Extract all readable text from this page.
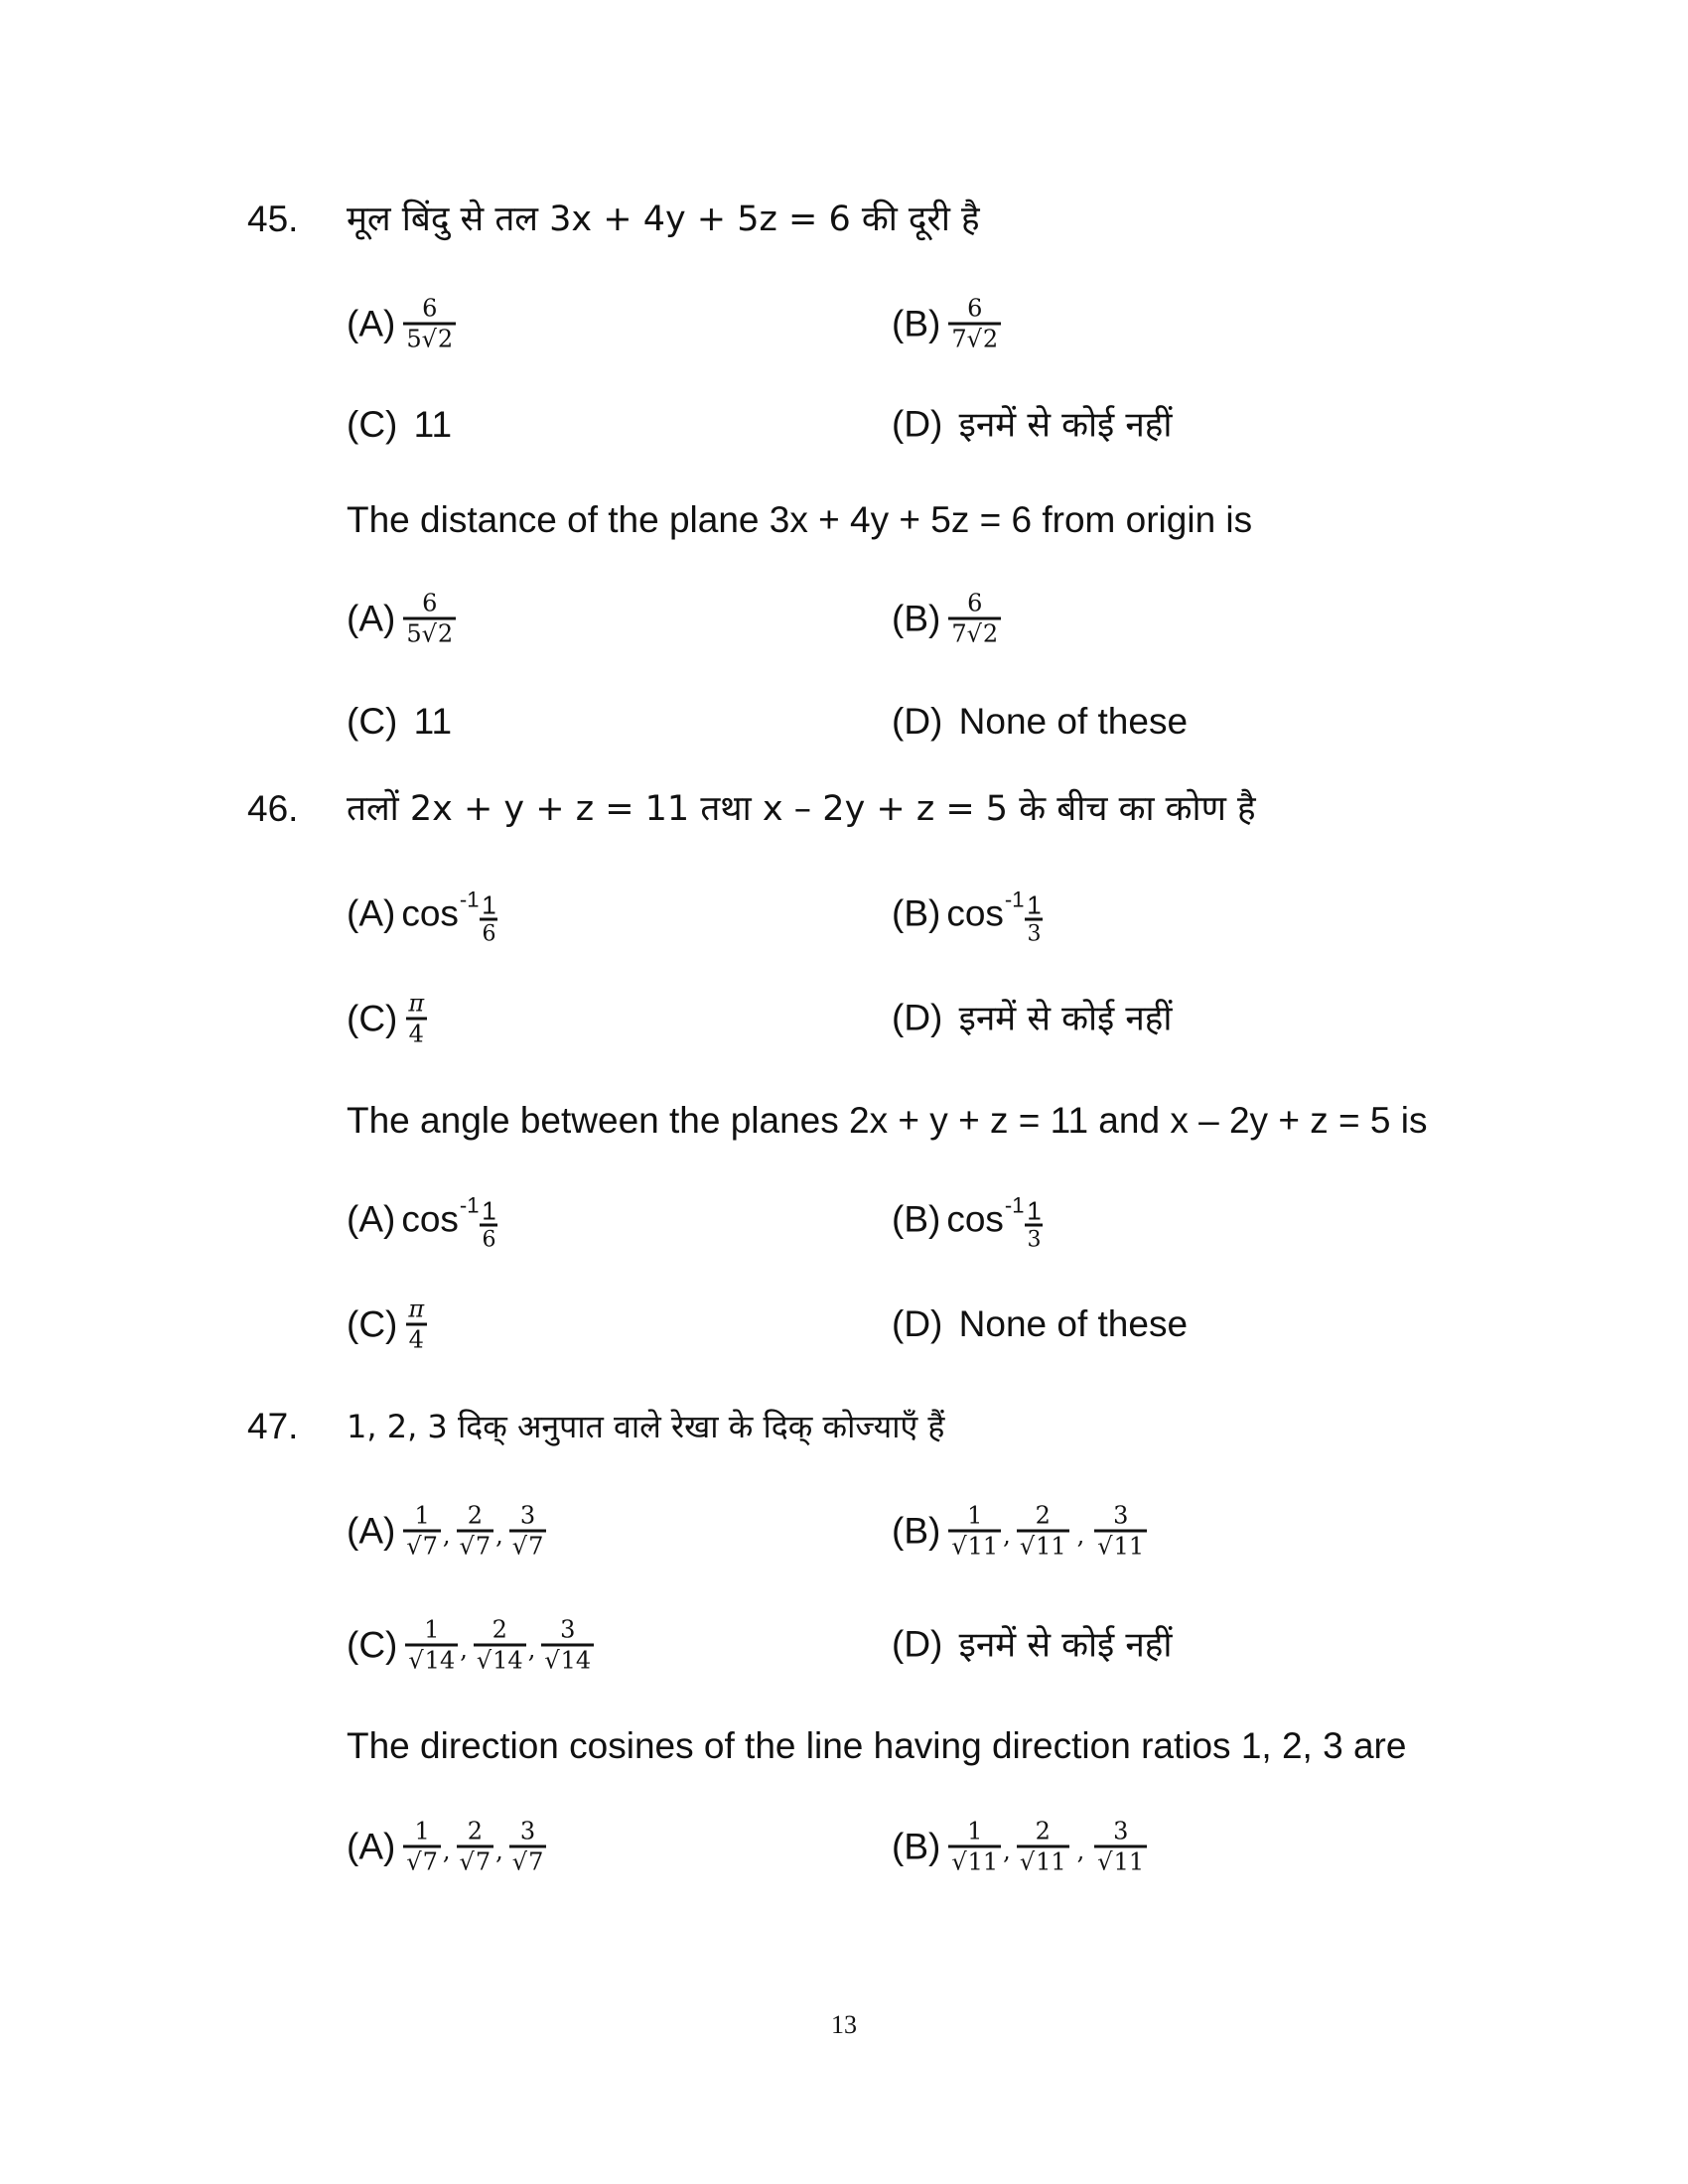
45. मूल बिंदु से तल 3x + 4y + 5z = 6 की दूरी है
$(A) \frac{6}{5√2}$	$(B) \frac{6}{7√2}$
(C) 11	(D) इनमें से कोई नहीं
The distance of the plane 3x + 4y + 5z = 6 from origin is
$(A) \frac{6}{5√2}$	$(B) \frac{6}{7√2}$
(C) 11	(D) None of these
46. तलों 2x + y + z = 11 तथा x – 2y + z = 5 के बीच का कोण है
(A) $\cos -1 \frac{1}{6}$	(B) $\cos -1 \frac{1}{3}$
$(C) \frac{\pi}{4}$	(D) इनमें से कोई नहीं
The angle between the planes 2x + y + z = 11 and x – 2y + z = 5 is
(A) $\cos -1 \frac{1}{6}$	(B) $\cos -1 \frac{1}{3}$
$(C) \frac{\pi}{4}$	(D) None of these
47. 1, 2, 3 दिक् अनुपात वाले रेखा के दिक् कोज्याएँ हैं
$(A) \frac{1}{√7}$ , $\frac{2}{√7}$ , $\frac{3}{√7}$	$(B) \frac{1}{√11}$ , $\frac{2}{√11}$ , $\frac{3}{√11}$
$(C) \frac{1}{√14}$ , $\frac{2}{√14}$ , $\frac{3}{√14}$	(D) इनमें से कोई नहीं
The direction cosines of the line having direction ratios 1, 2, 3 are
$(A) \frac{1}{√7}$ , $\frac{2}{√7}$ , $\frac{3}{√7}$	$(B) \frac{1}{√11}$ , $\frac{2}{√11}$ , $\frac{3}{√11}$
13
